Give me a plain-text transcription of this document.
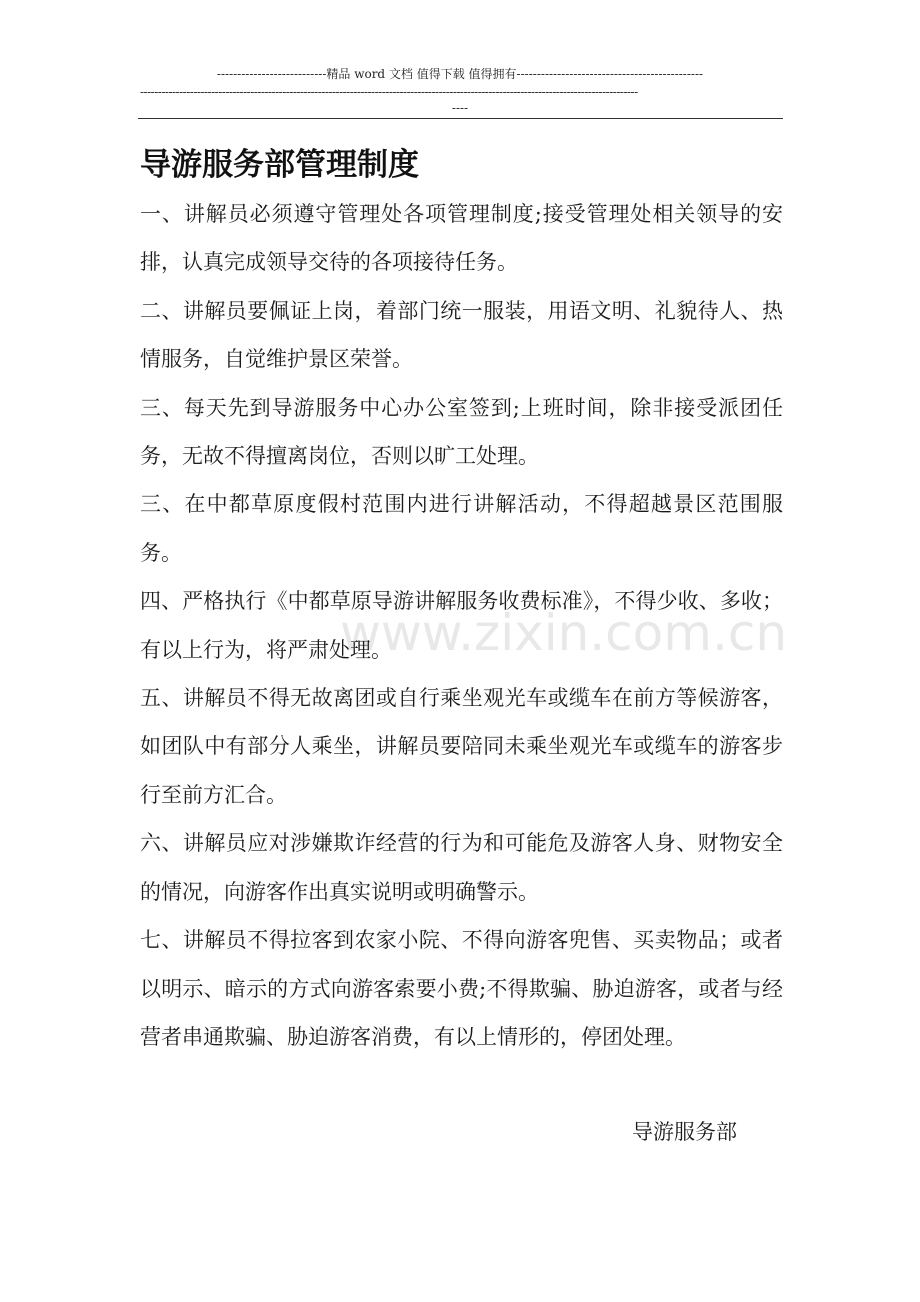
---------------------------精品 word 文档 值得下载 值得拥有----------------------------------------------
--------------------------------------------------------------------------------------------------------------------------------------------
----
导游服务部管理制度

一、讲解员必须遵守管理处各项管理制度;接受管理处相关领导的安排，认真完成领导交待的各项接待任务。

二、讲解员要佩证上岗，着部门统一服装，用语文明、礼貌待人、热情服务，自觉维护景区荣誉。

三、每天先到导游服务中心办公室签到;上班时间，除非接受派团任务，无故不得擅离岗位，否则以旷工处理。

三、在中都草原度假村范围内进行讲解活动，不得超越景区范围服务。

四、严格执行《中都草原导游讲解服务收费标准》，不得少收、多收；有以上行为，将严肃处理。

五、讲解员不得无故离团或自行乘坐观光车或缆车在前方等候游客，如团队中有部分人乘坐，讲解员要陪同未乘坐观光车或缆车的游客步行至前方汇合。

六、讲解员应对涉嫌欺诈经营的行为和可能危及游客人身、财物安全的情况，向游客作出真实说明或明确警示。

七、讲解员不得拉客到农家小院、不得向游客兜售、买卖物品；或者以明示、暗示的方式向游客索要小费;不得欺骗、胁迫游客，或者与经营者串通欺骗、胁迫游客消费，有以上情形的，停团处理。

导游服务部
www.zixin.com.cn
